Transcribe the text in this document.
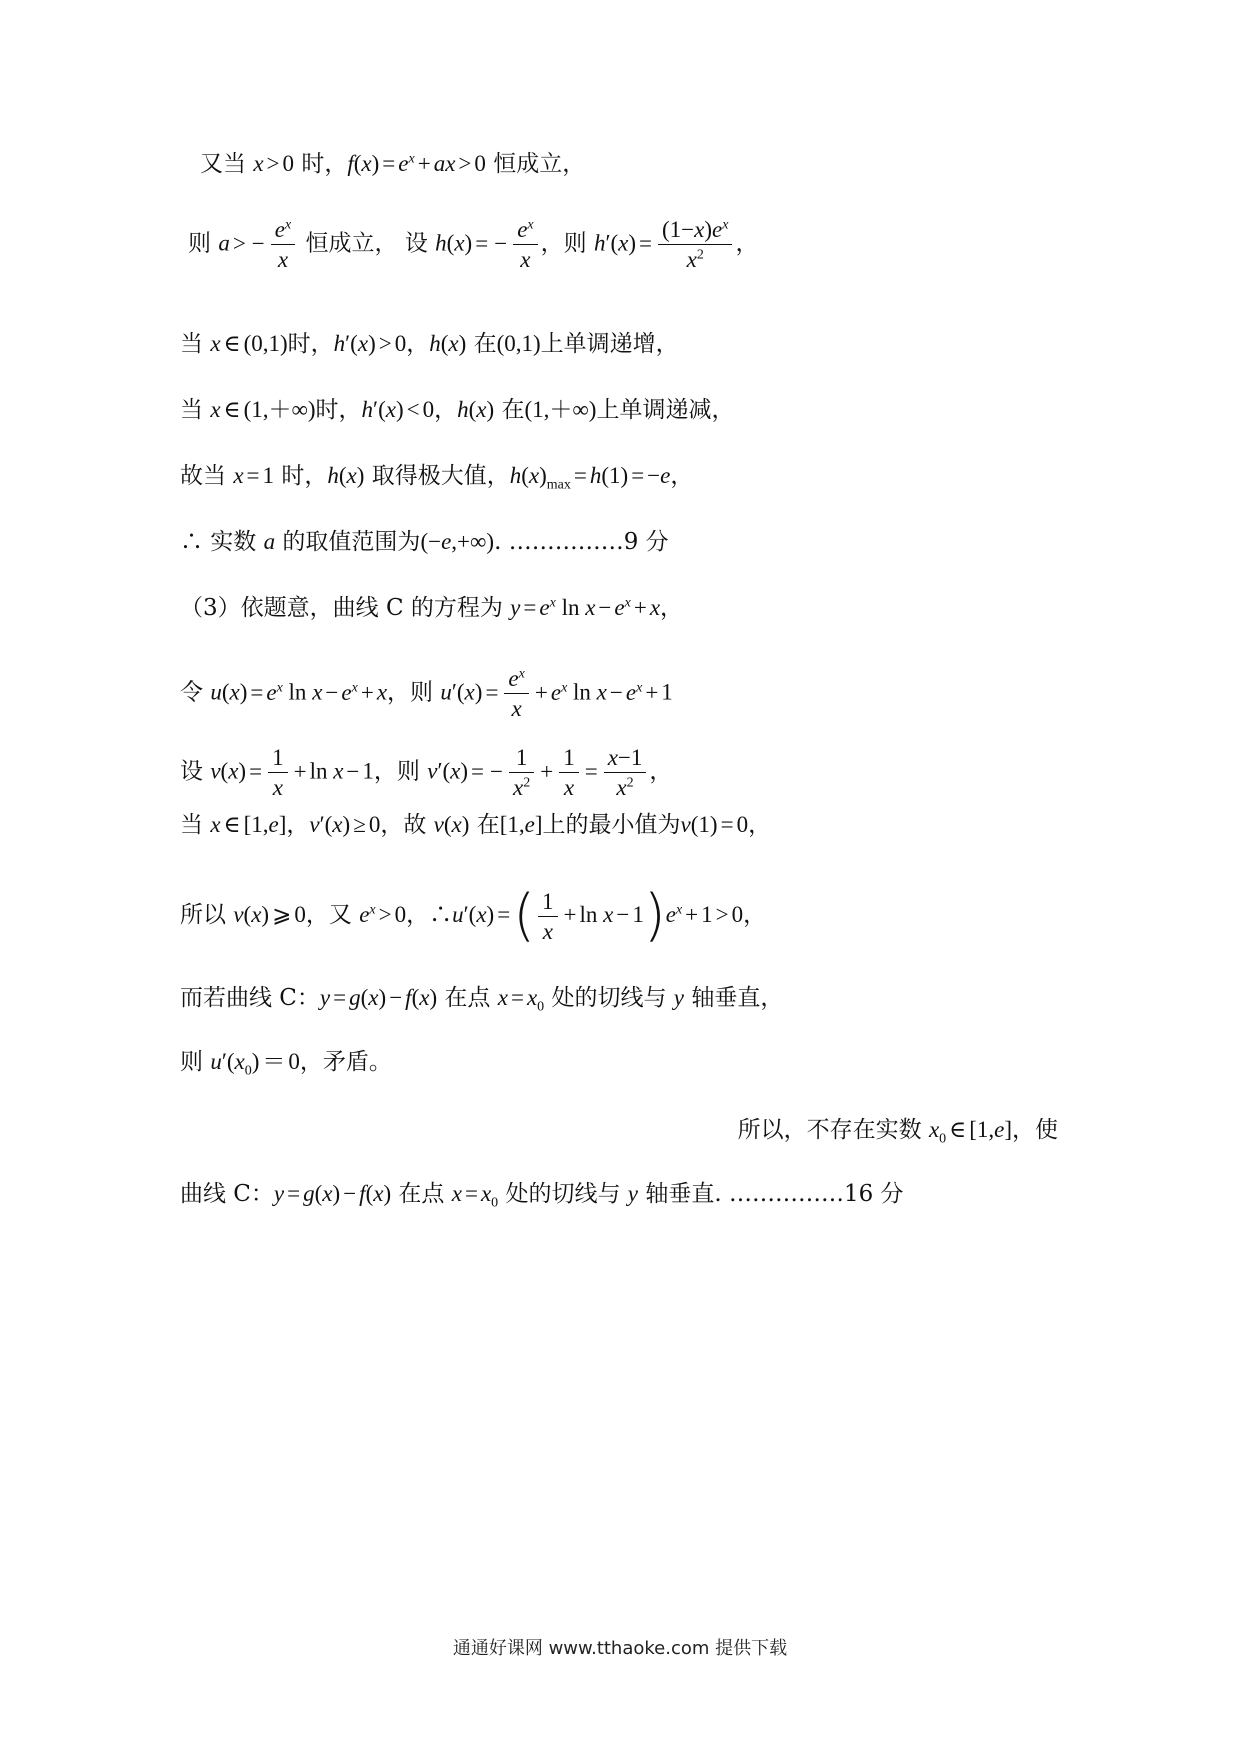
又当 x > 0 时，$f(x) = e^x$ + ax > 0 恒成立，
则 a > − $\frac{e^x}{x}$ 恒成立， 设 h(x) = − $\frac{e^x}{x}$ ，则 $h'(x) = \frac{(1-x)e^x}{x^2}$ ，
当 x ∈ (0,1)时，h′(x) > 0，h(x) 在(0,1)上单调递增，
当 x ∈ (1,＋∞)时，h′(x) < 0，h(x) 在(1,＋∞)上单调递减，
故当 x = 1 时，h(x) 取得极大值，$h(x)_{max} = h(1) = -e$，
∴ 实数 a 的取值范围为(−e,+∞). ……………9 分
（3）依题意，曲线 C 的方程为 $y = e^x$ $\ln x - e^x + x$，
令 $u(x) = e^x$ $\ln x - e^x + x$，则 $u'(x) = \frac{e^x}{x} + e^x$ $\ln x - e^x + 1$
设 $v(x) = \frac{1}{x} + \ln x - 1$，则 v′(x) = − $\frac{1}{x^2} + \frac{1}{x} = \frac{x-1}{x^2}$ ，
当 x ∈ [1,e]，v′(x) ≥ 0，故 v(x) 在[1,e]上的最小值为v(1) = 0，
所以 v(x) ⩾ 0，又 $e^x > 0$，∴u′(x) =( $\frac{1}{x} + \ln x - 1)e^x + 1 > 0$，
而若曲线 C：y = g(x) − f(x) 在点 $x = x_0$ 处的切线与 y 轴垂直，
则 $u'(x_0) = 0$，矛盾。
所以，不存在实数 $x_0$ ∈ [1,e]，使
曲线 C：y = g(x) − f(x) 在点 $x = x_0$ 处的切线与 y 轴垂直. ……………16 分
通通好课网 www.tthaoke.com 提供下载
